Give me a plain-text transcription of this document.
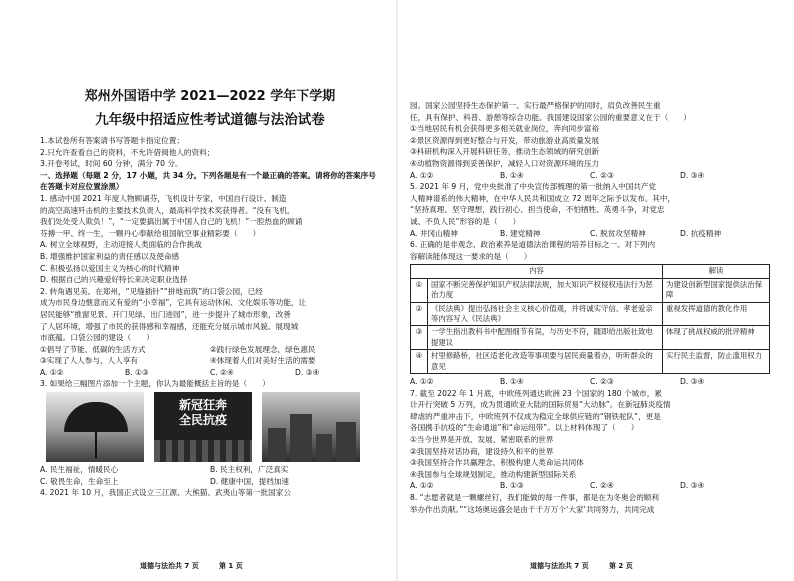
郑州外国语中学 2021—2022 学年下学期
九年级中招适应性考试道德与法治试卷

1.本试卷所有答案请书写答题卡指定位置；

2.只允许查看自己的资料，不允许借阅他人的资料；

3.开卷考试，时间 60 分钟，满分 70 分。

一、选择题（每题 2 分，17 小题，共 34 分。下列各题是有一个最正确的答案。请将你的答案序号在答题卡对应位置涂黑）

1. 感动中国 2021 年度人物顾诵芬，飞机设计专家，中国自行设计、制造

的高空高速歼击机的主要技术负责人，最高科学技术奖获得者。“没有飞机，

我们处处受人欺负！”，“一定要搞出属于中国人自己的飞机！”一腔热血的顾诵

芬搏一甲、终一生，一颗丹心奉献给祖国航空事业精彩要（　　）

A. 树立全球视野，主动迎接人类面临的合作挑战

B. 增强维护国家利益的责任感以及使命感

C. 积极弘扬以爱国主义为核心的时代精神

D. 根据自己的兴趣爱好特长来决定职业选择

2. 转角遇见美。在郑州，“见缝插针”“拼地而筑”的口袋公园，已经

成为市民身边惬意而又有爱的“小幸福”，它具有运动休闲、文化娱乐等功能，让

居民能够“推窗见景、开门见绿、出门进园”，进一步提升了城市形象，改善

了人居环境，增强了市民的获得感和幸福感，还能充分展示城市风貌、展现城

市底蕴。口袋公园的建设（　　）

①倡导了节能、低碳的生活方式	②践行绿色发展理念，绿色惠民
③实现了人人参与、人人享有	④体现着人们对美好生活的需要
A. ①②	B. ①③	C. ②④	D. ③④

3. 如果给三幅图片添加一个主题，你认为最能概括主旨的是（　　）

新冠狂奔
全民抗疫
A. 民生福祉，情暖民心	B. 民主权利，广泛真实
C. 敬畏生命，生命至上	D. 健康中国，提档加速

4. 2021 年 10 月，我国正式设立三江源、大熊猫、武夷山等第一批国家公

道德与法治共 7 页	第 1 页

园。国家公园坚持生态保护第一、实行最严格保护的同时，肩负改善民生重

任，具有保护、科普、游憩等综合功能。我国建设国家公园的重要意义在于（　　）

①当地居民有机会获得更多相关就业岗位，奔向同步富裕

②景区资源得到更好整合与开发，带动旅游业高质量发展

③科研机构深入开展科研任务，推动生态领域的研究创新

④动植物资源得到妥善保护，减轻人口对资源环境的压力

A. ①②	B. ①④	C. ②③	D. ③④

5. 2021 年 9 月，党中央批准了中央宣传部梳理的第一批纳入中国共产党

人精神谱系的伟大精神，在中华人民共和国成立 72 周年之际予以发布。其中，

“坚持真理、坚守理想，践行初心、担当使命，不怕牺牲、英勇斗争，对党忠

诚、不负人民”形容的是（　　）

A. 井冈山精神	B. 建党精神	C. 脱贫攻坚精神	D. 抗疫精神

6. 正确的是非观念、政治素养是道德法治课程的培养目标之一。对下列内

容解读能体现这一要求的是（　　）

内容		解读
①	国家不断完善保护知识产权法律法规，加大知识产权侵权违法行为惩治力度	为建设创新型国家提供法治保障
②	《民法典》提出弘扬社会主义核心价值观，并将诚实守信、孝老爱亲等内容写入《民法典》	重视发挥道德的教化作用
③	一学生指出教科书中配图细节有误，与历史不符，随即给出版社致电提建议	体现了挑战权威的批评精神
④	村里修路桥，社区适老化改造等事项要与居民商量着办，听听群众的意见	实行民主监督，防止滥用权力
A. ①②	B. ①④	C. ②③	D. ③④

7. 截至 2022 年 1 月底，中欧班列通达欧洲 23 个国家的 180 个城市，累

计开行突破 5 万列，成为贯通欧亚大陆的国际贸易“大动脉”。在新冠肺炎疫情

肆虐的严重冲击下，中欧班列不仅成为稳定全球供应链的“钢铁驼队”，更是

各国携手抗疫的“生命通道”和“命运纽带”。以上材料体现了（　　）

①当今世界是开放、发展、紧密联系的世界

②我国坚持对话协商，建设持久和平的世界

③我国坚持合作共赢理念，积极构建人类命运共同体

④我国参与全球规划制定，推动构建新型国际关系

A. ①②	B. ①③	C. ②④	D. ③④

8. “志愿者就是一颗螺丝钉，我们能做的每一件事，都是在为冬奥会的顺利

举办作出贡献。”“这场奥运盛会是由千千万万个‘大家’共同努力，共同完成

道德与法治共 7 页	第 2 页
